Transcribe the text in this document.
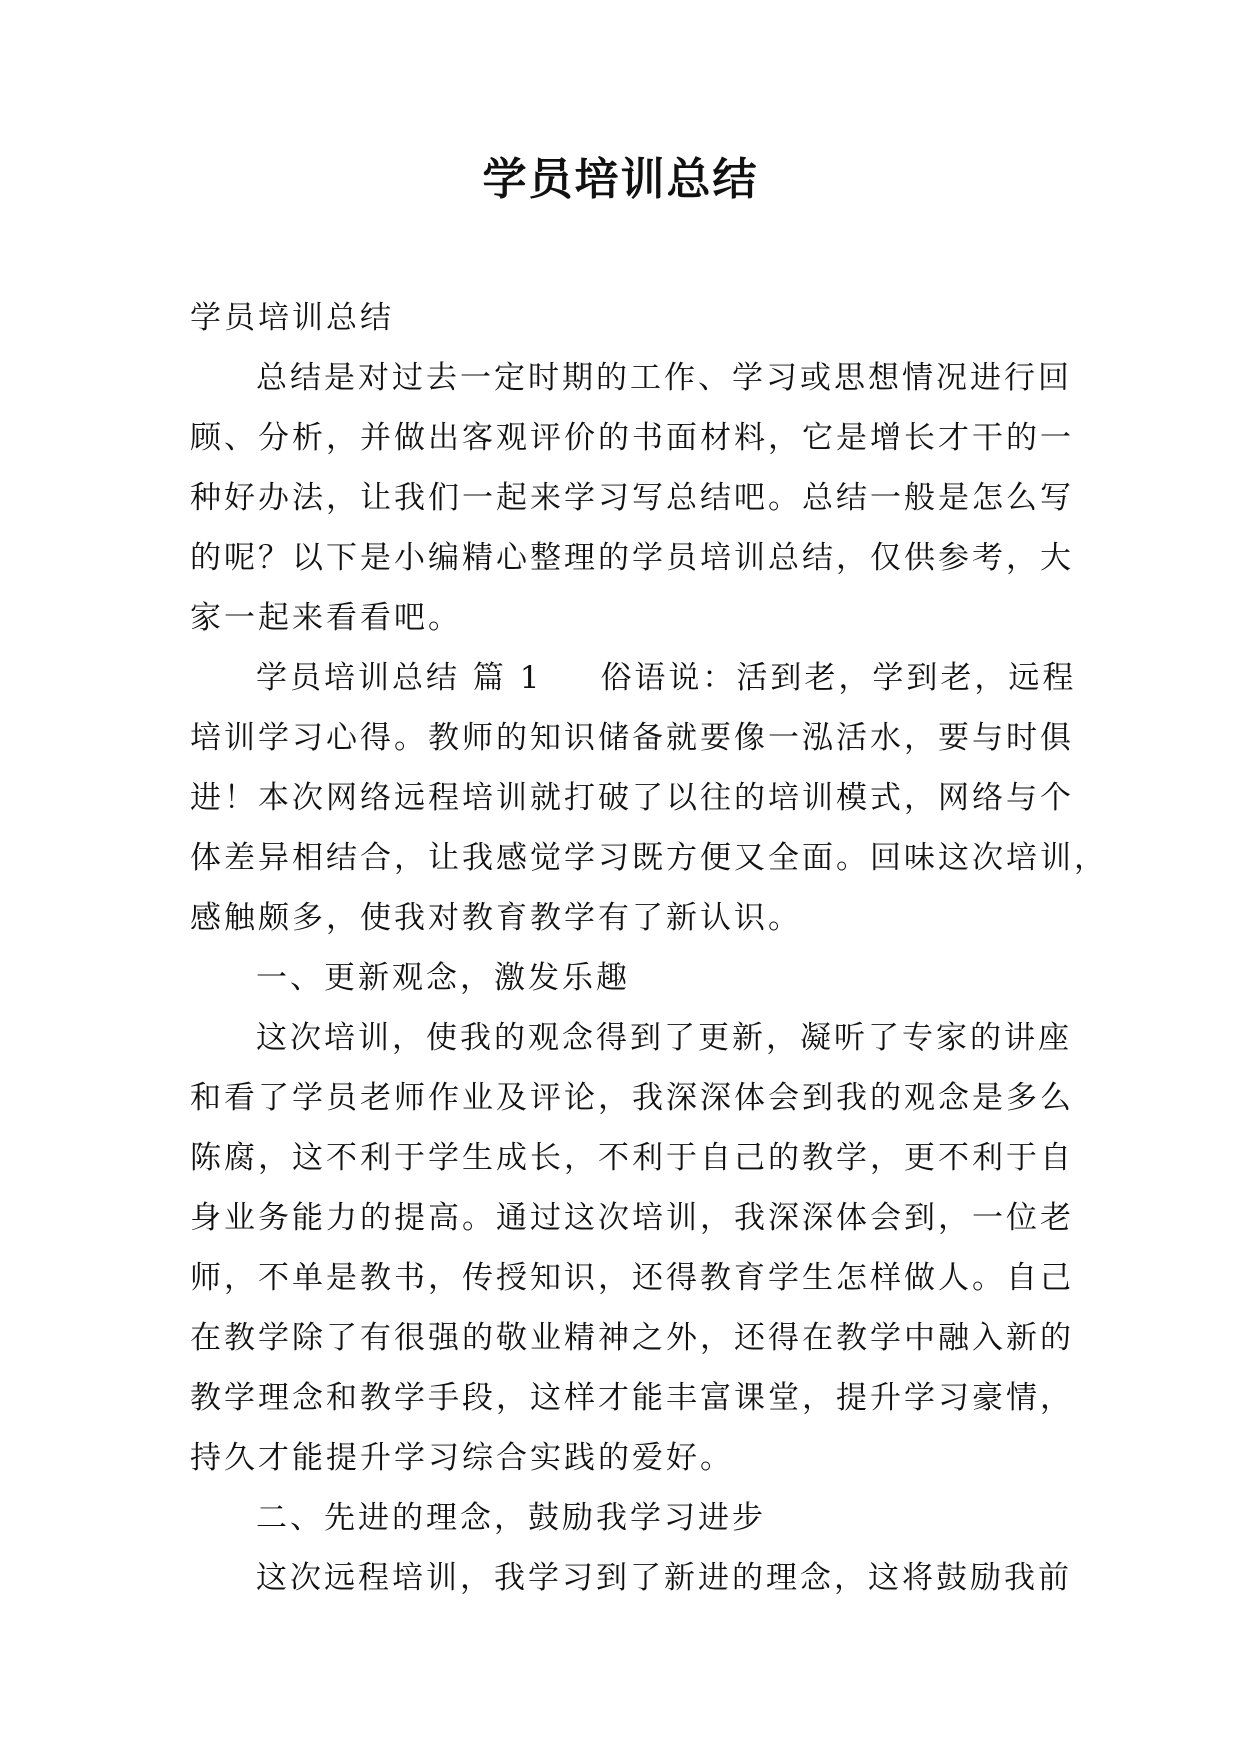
学员培训总结
学员培训总结
总结是对过去一定时期的工作、学习或思想情况进行回
顾、分析，并做出客观评价的书面材料，它是增长才干的一
种好办法，让我们一起来学习写总结吧。总结一般是怎么写
的呢？以下是小编精心整理的学员培训总结，仅供参考，大
家一起来看看吧。
学员培训总结 篇 1 俗语说：活到老，学到老，远程
培训学习心得。教师的知识储备就要像一泓活水，要与时俱
进！本次网络远程培训就打破了以往的培训模式，网络与个
体差异相结合，让我感觉学习既方便又全面。回味这次培训，
感触颇多，使我对教育教学有了新认识。
一、更新观念，激发乐趣
这次培训，使我的观念得到了更新，凝听了专家的讲座
和看了学员老师作业及评论，我深深体会到我的观念是多么
陈腐，这不利于学生成长，不利于自己的教学，更不利于自
身业务能力的提高。通过这次培训，我深深体会到，一位老
师，不单是教书，传授知识，还得教育学生怎样做人。自己
在教学除了有很强的敬业精神之外，还得在教学中融入新的
教学理念和教学手段，这样才能丰富课堂，提升学习豪情，
持久才能提升学习综合实践的爱好。
二、先进的理念，鼓励我学习进步
这次远程培训，我学习到了新进的理念，这将鼓励我前
